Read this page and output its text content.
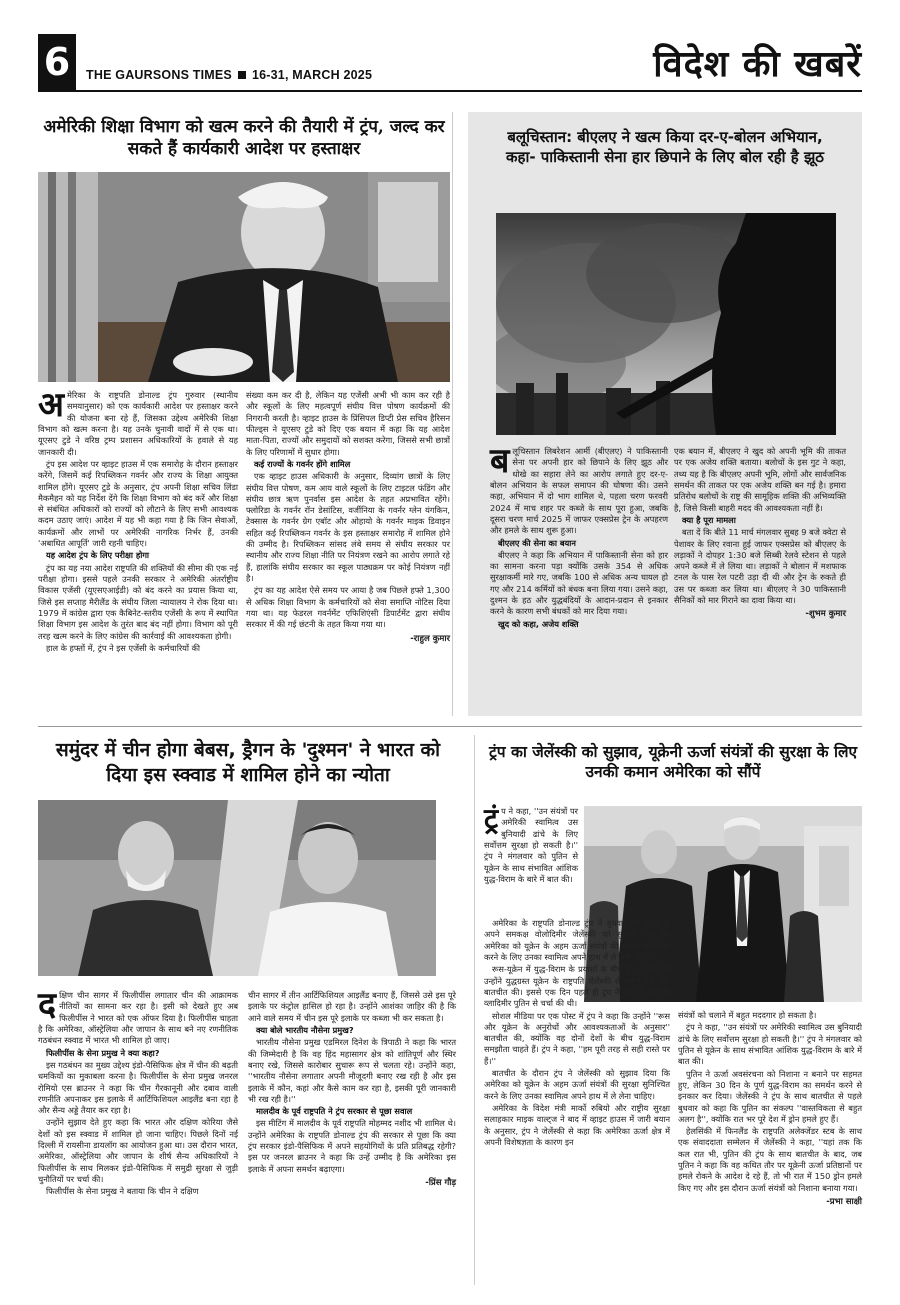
6	THE GAURSONS TIMES 16-31, MARCH 2025	विदेश की खबरें
अमेरिकी शिक्षा विभाग को खत्म करने की तैयारी में ट्रंप, जल्द कर सकते हैं कार्यकारी आदेश पर हस्ताक्षर

अमेरिका के राष्ट्रपति डोनाल्ड ट्रंप गुरुवार (स्थानीय समयानुसार) को एक कार्यकारी आदेश पर हस्ताक्षर करने की योजना बना रहे हैं, जिसका उद्देश्य अमेरिकी शिक्षा विभाग को खत्म करना है। यह उनके चुनावी वादों में से एक था। यूएसए टुडे ने वरिष्ठ ट्रम्प प्रशासन अधिकारियों के हवाले से यह जानकारी दी।

ट्रंप इस आदेश पर व्हाइट हाउस में एक समारोह के दौरान हस्ताक्षर करेंगे, जिसमें कई रिपब्लिकन गवर्नर और राज्य के शिक्षा आयुक्त शामिल होंगे। यूएसए टुडे के अनुसार, ट्रंप अपनी शिक्षा सचिव लिंडा मैकमैहन को यह निर्देश देंगे कि शिक्षा विभाग को बंद करें और शिक्षा से संबंधित अधिकारों को राज्यों को लौटाने के लिए सभी आवश्यक कदम उठाए जाएं। आदेश में यह भी कहा गया है कि जिन सेवाओं, कार्यक्रमों और लाभों पर अमेरिकी नागरिक निर्भर हैं, उनकी 'अबाधित आपूर्ति' जारी रहनी चाहिए।

यह आदेश ट्रंप के लिए परीक्षा होगा

ट्रंप का यह नया आदेश राष्ट्रपति की शक्तियों की सीमा की एक नई परीक्षा होगा। इससे पहले उनकी सरकार ने अमेरिकी अंतर्राष्ट्रीय विकास एजेंसी (यूएसएआईडी) को बंद करने का प्रयास किया था, जिसे इस सप्ताह मैरीलैंड के संघीय जिला न्यायालय ने रोक दिया था। 1979 में कांग्रेस द्वारा एक कैबिनेट-स्तरीय एजेंसी के रूप में स्थापित शिक्षा विभाग इस आदेश के तुरंत बाद बंद नहीं होगा। विभाग को पूरी तरह खत्म करने के लिए कांग्रेस की कार्रवाई की आवश्यकता होगी।

हाल के हफ्तों में, ट्रंप ने इस एजेंसी के कर्मचारियों की

संख्या कम कर दी है, लेकिन यह एजेंसी अभी भी काम कर रही है और स्कूलों के लिए महत्वपूर्ण संघीय वित्त पोषण कार्यक्रमों की निगरानी करती है। व्हाइट हाउस के प्रिंसिपल डिप्टी प्रेस सचिव हैरिसन फील्ड्स ने यूएसए टुडे को दिए एक बयान में कहा कि यह आदेश माता-पिता, राज्यों और समुदायों को सशक्त करेगा, जिससे सभी छात्रों के लिए परिणामों में सुधार होगा।

कई राज्यों के गवर्नर होंगे शामिल

एक व्हाइट हाउस अधिकारी के अनुसार, दिव्यांग छात्रों के लिए संघीय वित्त पोषण, कम आय वाले स्कूलों के लिए टाइटल फंडिंग और संघीय छात्र ऋण पुनर्वास इस आदेश के तहत अप्रभावित रहेंगे। फ्लोरिडा के गवर्नर रॉन डेसांटिस, वर्जीनिया के गवर्नर ग्लेन यंगकिन, टेक्सास के गवर्नर ग्रेग एबॉट और ओहायो के गवर्नर माइक डिवाइन सहित कई रिपब्लिकन गवर्नर के इस हस्ताक्षर समारोह में शामिल होने की उम्मीद है। रिपब्लिकन सांसद लंबे समय से संघीय सरकार पर स्थानीय और राज्य शिक्षा नीति पर नियंत्रण रखने का आरोप लगाते रहे हैं, हालांकि संघीय सरकार का स्कूल पाठ्यक्रम पर कोई नियंत्रण नहीं है।

ट्रंप का यह आदेश ऐसे समय पर आया है जब पिछले हफ्ते 1,300 से अधिक शिक्षा विभाग के कर्मचारियों को सेवा समाप्ति नोटिस दिया गया था। यह फेडरल गवर्नमेंट एफिशिएंसी डिपार्टमेंट द्वारा संघीय सरकार में की गई छंटनी के तहत किया गया था।

-राहुल कुमार
बलूचिस्तान: बीएलए ने खत्म किया दर-ए-बोलन अभियान, कहा- पाकिस्तानी सेना हार छिपाने के लिए बोल रही है झूठ

बलूचिस्तान लिबरेशन आर्मी (बीएलए) ने पाकिस्तानी सेना पर अपनी हार को छिपाने के लिए झूठ और धोखे का सहारा लेने का आरोप लगाते हुए दर-ए-बोलन अभियान के सफल समापन की घोषणा की। उसने कहा, अभियान में दो भाग शामिल थे, पहला चरण फरवरी 2024 में माच शहर पर कब्जे के साथ पूरा हुआ, जबकि दूसरा चरण मार्च 2025 में जाफर एक्सप्रेस ट्रेन के अपहरण और हमले के साथ शुरू हुआ।

बीएलए की सेना का बयान

बीएलए ने कहा कि अभियान में पाकिस्तानी सेना को हार का सामना करना पड़ा क्योंकि उसके 354 से अधिक सुरक्षाकर्मी मारे गए, जबकि 100 से अधिक अन्य घायल हो गए और 214 कर्मियों को बंधक बना लिया गया। उसने कहा, दुश्मन के हठ और युद्धबंदियों के आदान-प्रदान से इनकार करने के कारण सभी बंधकों को मार दिया गया।

खुद को कहा, अजेय शक्ति

एक बयान में, बीएलए ने खुद को अपनी भूमि की ताकत पर एक अजेय शक्ति बताया। बलोचों के इस गुट ने कहा, तथ्य यह है कि बीएलए अपनी भूमि, लोगों और सार्वजनिक समर्थन की ताकत पर एक अजेय शक्ति बन गई है। हमारा प्रतिरोध बलोचों के राष्ट्र की सामूहिक शक्ति की अभिव्यक्ति है, जिसे किसी बाहरी मदद की आवश्यकता नहीं है।

क्या है पूरा मामला

बता दें कि बीते 11 मार्च मंगलवार सुबह 9 बजे क्वेटा से पेशावर के लिए रवाना हुई जाफर एक्सप्रेस को बीएलए के लड़ाकों ने दोपहर 1:30 बजे सिब्बी रेलवे स्टेशन से पहले अपने कब्जे में ले लिया था। लड़ाकों ने बोलान में मशफाक टनल के पास रेल पटरी उड़ा दी थी और ट्रेन के रुकते ही उस पर कब्जा कर लिया था। बीएलए ने 30 पाकिस्तानी सैनिकों को मार गिराने का दावा किया था।

-शुभम कुमार
समुंदर में चीन होगा बेबस, ड्रैगन के 'दुश्मन' ने भारत को दिया इस स्क्वाड में शामिल होने का न्योता

दक्षिण चीन सागर में फिलीपींस लगातार चीन की आक्रामक नीतियों का सामना कर रहा है। इसी को देखते हुए अब फिलीपींस ने भारत को एक ऑफर दिया है। फिलीपींस चाहता है कि अमेरिका, ऑस्ट्रेलिया और जापान के साथ बने नए रणनीतिक गठबंधन स्क्वाड में भारत भी शामिल हो जाए।

फिलीपींस के सेना प्रमुख ने क्या कहा?

इस गठबंधन का मुख्य उद्देश्य इंडो-पैसिफिक क्षेत्र में चीन की बढ़ती धमकियों का मुकाबला करना है। फिलीपींस के सेना प्रमुख जनरल रोमियो एस ब्राउनर ने कहा कि चीन गैरकानूनी और दबाव वाली रणनीति अपनाकर इस इलाके में आर्टिफिशियल आइलैंड बना रहा है और सैन्य अड्डे तैयार कर रहा है।

उन्होंने सुझाव देते हुए कहा कि भारत और दक्षिण कोरिया जैसे देशों को इस स्क्वाड में शामिल हो जाना चाहिए। पिछले दिनों नई दिल्ली में रायसीना डायलॉग का आयोजन हुआ था। उस दौरान भारत, अमेरिका, ऑस्ट्रेलिया और जापान के शीर्ष सैन्य अधिकारियों ने फिलीपींस के साथ मिलकर इंडो-पैसिफिक में समुद्री सुरक्षा से जुड़ी चुनौतियों पर चर्चा की।

फिलीपींस के सेना प्रमुख ने बताया कि चीन ने दक्षिण

चीन सागर में तीन आर्टिफिशियल आइलैंड बनाए हैं, जिससे उसे इस पूरे इलाके पर कंट्रोल हासिल हो रहा है। उन्होंने आशंका जाहिर की है कि आने वाले समय में चीन इस पूरे इलाके पर कब्जा भी कर सकता है।

क्या बोले भारतीय नौसेना प्रमुख?

भारतीय नौसेना प्रमुख एडमिरल दिनेश के त्रिपाठी ने कहा कि भारत की जिम्मेदारी है कि वह हिंद महासागर क्षेत्र को शांतिपूर्ण और स्थिर बनाए रखे, जिससे कारोबार सुचारू रूप से चलता रहे। उन्होंने कहा, ''भारतीय नौसेना लगातार अपनी मौजूदगी बनाए रख रही है और इस इलाके में कौन, कहां और कैसे काम कर रहा है, इसकी पूरी जानकारी भी रख रही है।''

मालदीव के पूर्व राष्ट्रपति ने ट्रंप सरकार से पूछा सवाल

इस मीटिंग में मालदीव के पूर्व राष्ट्रपति मोहम्मद नशीद भी शामिल थे। उन्होंने अमेरिका के राष्ट्रपति डोनाल्ड ट्रंप की सरकार से पूछा कि क्या ट्रंप सरकार इंडो-पैसिफिक में अपने सहयोगियों के प्रति प्रतिबद्ध रहेगी? इस पर जनरल ब्राउनर ने कहा कि उन्हें उम्मीद है कि अमेरिका इस इलाके में अपना समर्थन बढ़ाएगा।

-प्रिंस गौड़
ट्रंप का जेलेंस्की को सुझाव, यूक्रेनी ऊर्जा संयंत्रों की सुरक्षा के लिए उनकी कमान अमेरिका को सौंपें

ट्रं प ने कहा, ''उन संयंत्रों पर अमेरिकी स्वामित्व उस बुनियादी ढांचे के लिए सर्वोत्तम सुरक्षा हो सकती है।'' ट्रंप ने मंगलवार को पुतिन से यूक्रेन के साथ संभावित आंशिक युद्ध-विराम के बारे में बात की।

अमेरिका के राष्ट्रपति डोनाल्ड ट्रंप ने बुधवार को यूक्रेन के अपने समकक्ष वोलोदिमीर जेलेंस्की को सुझाव दिया कि अमेरिका को यूक्रेन के अहम ऊर्जा संयंत्रों की सुरक्षा सुनिश्चित करने के लिए उनका स्वामित्व अपने हाथ में ले लेना चाहिए।

रूस-यूक्रेन में युद्ध-विराम के प्रयासों के बीच ट्रंप ने कहा कि उन्होंने युद्धग्रस्त यूक्रेन के राष्ट्रपति जेलेंस्की से करीब एक घंटा बातचीत की। इससे एक दिन पहले ही ट्रंप ने रूस के राष्ट्रपति व्लादिमीर पुतिन से चर्चा की थी।

सोशल मीडिया पर एक पोस्ट में ट्रंप ने कहा कि उन्होंने ''रूस और यूक्रेन के अनुरोधों और आवश्यकताओं के अनुसार'' बातचीत की, क्योंकि वह दोनों देशों के बीच युद्ध-विराम समझौता चाहते हैं। ट्रंप ने कहा, ''हम पूरी तरह से सही रास्ते पर हैं।''

बातचीत के दौरान ट्रंप ने जेलेंस्की को सुझाव दिया कि अमेरिका को यूक्रेन के अहम ऊर्जा संयंत्रों की सुरक्षा सुनिश्चित करने के लिए उनका स्वामित्व अपने हाथ में ले लेना चाहिए।

अमेरिका के विदेश मंत्री मार्को रुबियो और राष्ट्रीय सुरक्षा सलाहकार माइक वाल्ट्ज ने बाद में व्हाइट हाउस में जारी बयान के अनुसार, ट्रंप ने जेलेंस्की से कहा कि अमेरिका ऊर्जा क्षेत्र में अपनी विशेषज्ञता के कारण इन

संयंत्रों को चलाने में बहुत मददगार हो सकता है।

ट्रंप ने कहा, ''उन संयंत्रों पर अमेरिकी स्वामित्व उस बुनियादी ढांचे के लिए सर्वोत्तम सुरक्षा हो सकती है।'' ट्रंप ने मंगलवार को पुतिन से यूक्रेन के साथ संभावित आंशिक युद्ध-विराम के बारे में बात की।

पुतिन ने ऊर्जा अवसंरचना को निशाना न बनाने पर सहमत हुए, लेकिन 30 दिन के पूर्ण युद्ध-विराम का समर्थन करने से इनकार कर दिया। जेलेंस्की ने ट्रंप के साथ बातचीत से पहले बुधवार को कहा कि पुतिन का संकल्प ''वास्तविकता से बहुत अलग है'', क्योंकि रात भर पूरे देश में ड्रोन हमले हुए हैं।

हेलसिंकी में फिनलैंड के राष्ट्रपति अलेक्जेंडर स्टब के साथ एक संवाददाता सम्मेलन में जेलेंस्की ने कहा, ''यहां तक कि कल रात भी, पुतिन की ट्रंप के साथ बातचीत के बाद, जब पुतिन ने कहा कि वह कथित तौर पर यूक्रेनी ऊर्जा प्रतिष्ठानों पर हमले रोकने के आदेश दे रहे हैं, तो भी रात में 150 ड्रोन हमले किए गए और इस दौरान ऊर्जा संयंत्रों को निशाना बनाया गया।

-प्रभा साक्षी
